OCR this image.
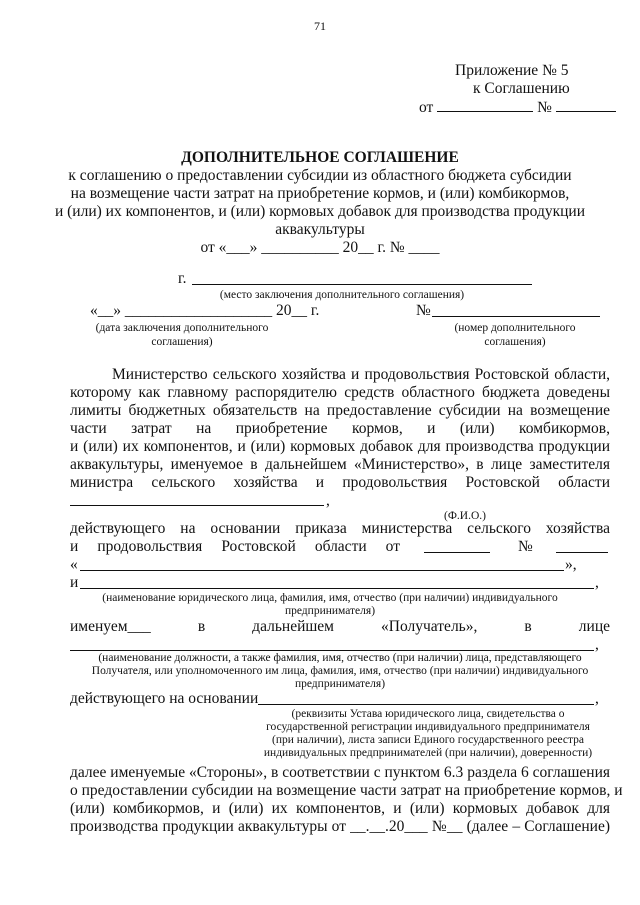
71
Приложение № 5
к Соглашению
от	№
ДОПОЛНИТЕЛЬНОЕ СОГЛАШЕНИЕ
к соглашению о предоставлении субсидии из областного бюджета субсидии
на возмещение части затрат на приобретение кормов, и (или) комбикормов,
и (или) их компонентов, и (или) кормовых добавок для производства продукции
аквакультуры
от «___» __________ 20__ г. № ____
г.
(место заключения дополнительного соглашения)
«__» ___________________ 20__ г.	№
(дата заключения дополнительного
соглашения)
(номер дополнительного
соглашения)
Министерство сельского хозяйства и продовольствия Ростовской области,
которому как главному распорядителю средств областного бюджета доведены
лимиты бюджетных обязательств на предоставление субсидии на возмещение
части затрат на приобретение кормов, и (или) комбикормов,
и (или) их компонентов, и (или) кормовых добавок для производства продукции
аквакультуры, именуемое в дальнейшем «Министерство», в лице заместителя
министра сельского хозяйства и продовольствия Ростовской области
,
(Ф.И.О.)
действующего на основании приказа министерства сельского хозяйства
и продовольствия Ростовской области от	№
«	»,
и	,
(наименование юридического лица, фамилия, имя, отчество (при наличии) индивидуального
предпринимателя)
именуем___ в дальнейшем «Получатель», в лице
,
(наименование должности, а также фамилия, имя, отчество (при наличии) лица, представляющего
Получателя, или уполномоченного им лица, фамилия, имя, отчество (при наличии) индивидуального
предпринимателя)
действующего на основании	,
(реквизиты Устава юридического лица, свидетельства о
государственной регистрации индивидуального предпринимателя
(при наличии), листа записи Единого государственного реестра
индивидуальных предпринимателей (при наличии), доверенности)
далее именуемые «Стороны», в соответствии с пунктом 6.3 раздела 6 соглашения
о предоставлении субсидии на возмещение части затрат на приобретение кормов, и
(или) комбикормов, и (или) их компонентов, и (или) кормовых добавок для
производства продукции аквакультуры от __.__.20___ №__ (далее – Соглашение)
